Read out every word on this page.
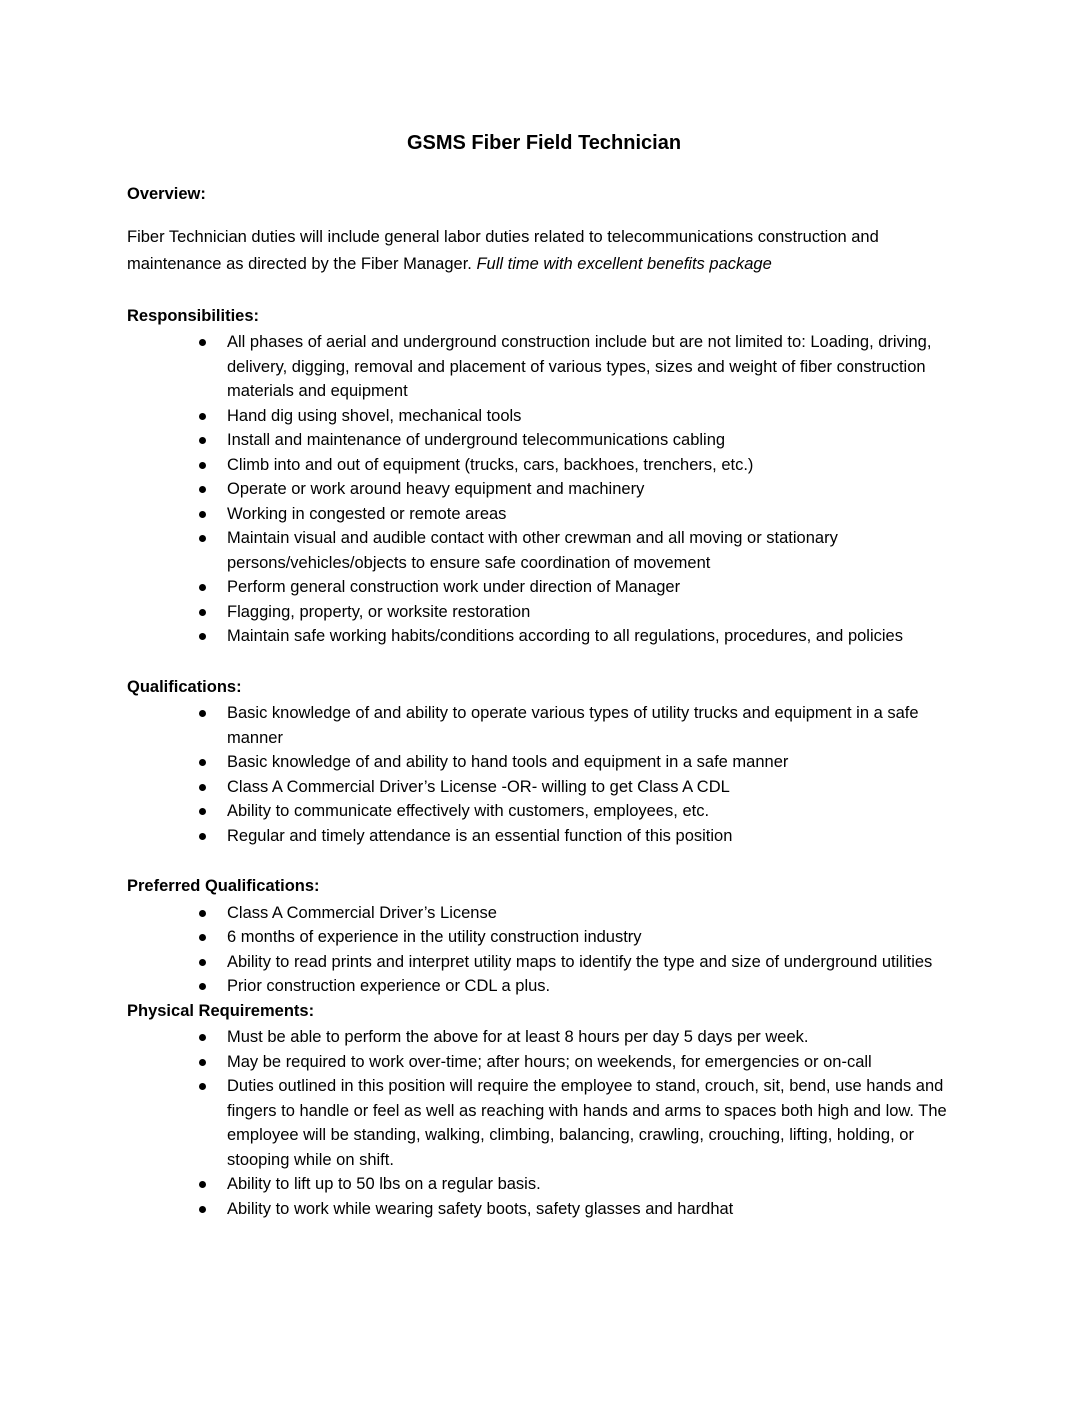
GSMS Fiber Field Technician
Overview:

Fiber Technician duties will include general labor duties related to telecommunications construction and maintenance as directed by the Fiber Manager. Full time with excellent benefits package

Responsibilities:
All phases of aerial and underground construction include but are not limited to: Loading, driving, delivery, digging, removal and placement of various types, sizes and weight of fiber construction materials and equipment
Hand dig using shovel, mechanical tools
Install and maintenance of underground telecommunications cabling
Climb into and out of equipment (trucks, cars, backhoes, trenchers, etc.)
Operate or work around heavy equipment and machinery
Working in congested or remote areas
Maintain visual and audible contact with other crewman and all moving or stationary persons/vehicles/objects to ensure safe coordination of movement
Perform general construction work under direction of Manager
Flagging, property, or worksite restoration
Maintain safe working habits/conditions according to all regulations, procedures, and policies
Qualifications:
Basic knowledge of and ability to operate various types of utility trucks and equipment in a safe manner
Basic knowledge of and ability to hand tools and equipment in a safe manner
Class A Commercial Driver’s License -OR- willing to get Class A CDL
Ability to communicate effectively with customers, employees, etc.
Regular and timely attendance is an essential function of this position
Preferred Qualifications:
Class A Commercial Driver’s License
6 months of experience in the utility construction industry
Ability to read prints and interpret utility maps to identify the type and size of underground utilities
Prior construction experience or CDL a plus.
Physical Requirements:
Must be able to perform the above for at least 8 hours per day 5 days per week.
May be required to work over-time; after hours; on weekends, for emergencies or on-call
Duties outlined in this position will require the employee to stand, crouch, sit, bend, use hands and fingers to handle or feel as well as reaching with hands and arms to spaces both high and low. The employee will be standing, walking, climbing, balancing, crawling, crouching, lifting, holding, or stooping while on shift.
Ability to lift up to 50 lbs on a regular basis.
Ability to work while wearing safety boots, safety glasses and hardhat
